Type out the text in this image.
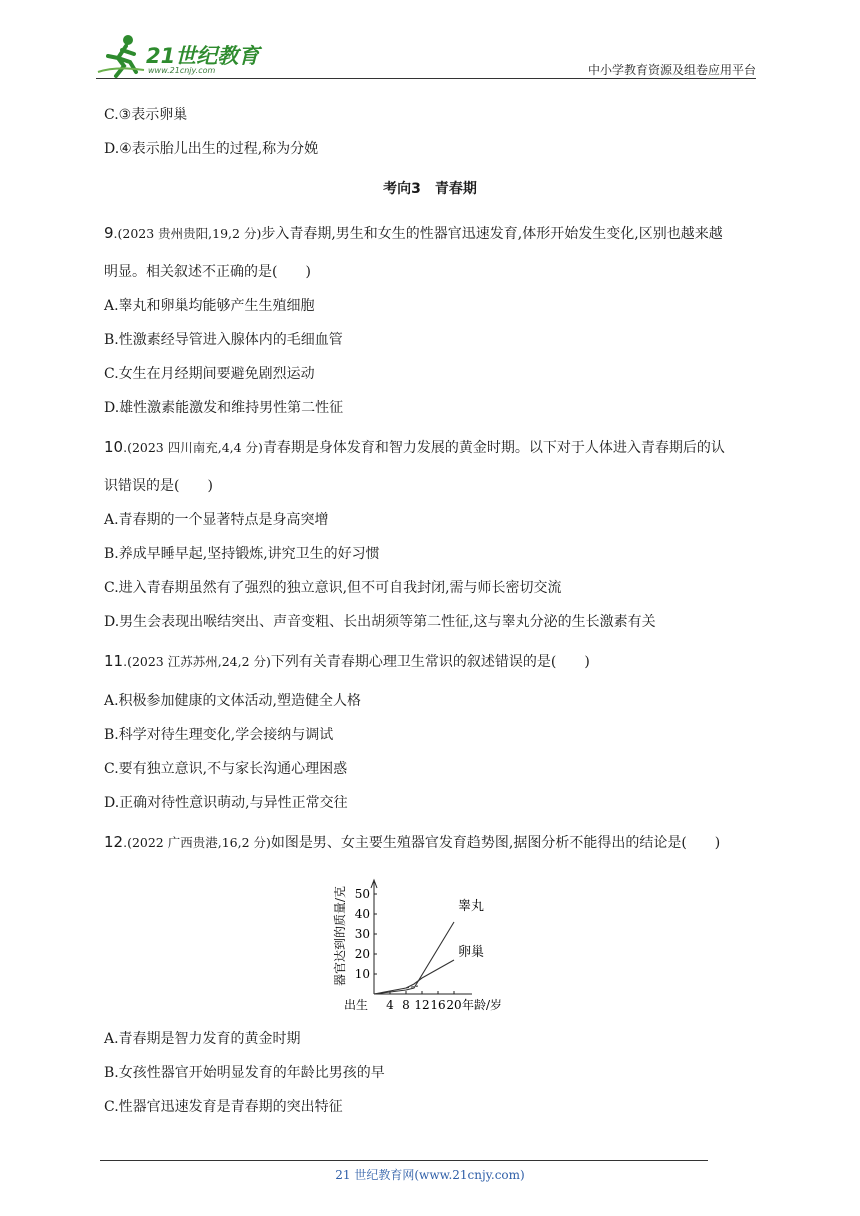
21世纪教育
www.21cnjy.com	中小学教育资源及组卷应用平台
C.③表示卵巢
D.④表示胎儿出生的过程,称为分娩
考向3　青春期
9.(2023 贵州贵阳,19,2 分)步入青春期,男生和女生的性器官迅速发育,体形开始发生变化,区别也越来越
明显。相关叙述不正确的是(　　)
A.睾丸和卵巢均能够产生生殖细胞
B.性激素经导管进入腺体内的毛细血管
C.女生在月经期间要避免剧烈运动
D.雄性激素能激发和维持男性第二性征
10.(2023 四川南充,4,4 分)青春期是身体发育和智力发展的黄金时期。以下对于人体进入青春期后的认
识错误的是(　　)
A.青春期的一个显著特点是身高突增
B.养成早睡早起,坚持锻炼,讲究卫生的好习惯
C.进入青春期虽然有了强烈的独立意识,但不可自我封闭,需与师长密切交流
D.男生会表现出喉结突出、声音变粗、长出胡须等第二性征,这与睾丸分泌的生长激素有关
11.(2023 江苏苏州,24,2 分)下列有关青春期心理卫生常识的叙述错误的是(　　)
A.积极参加健康的文体活动,塑造健全人格
B.科学对待生理变化,学会接纳与调试
C.要有独立意识,不与家长沟通心理困惑
D.正确对待性意识萌动,与异性正常交往
12.(2022 广西贵港,16,2 分)如图是男、女主要生殖器官发育趋势图,据图分析不能得出的结论是(　　)
10
20
30
40
50
4 8 12 16 20
出生	年龄/岁
器官达到的质量/克	睾丸
卵巢
A.青春期是智力发育的黄金时期
B.女孩性器官开始明显发育的年龄比男孩的早
C.性器官迅速发育是青春期的突出特征
21 世纪教育网(www.21cnjy.com)
